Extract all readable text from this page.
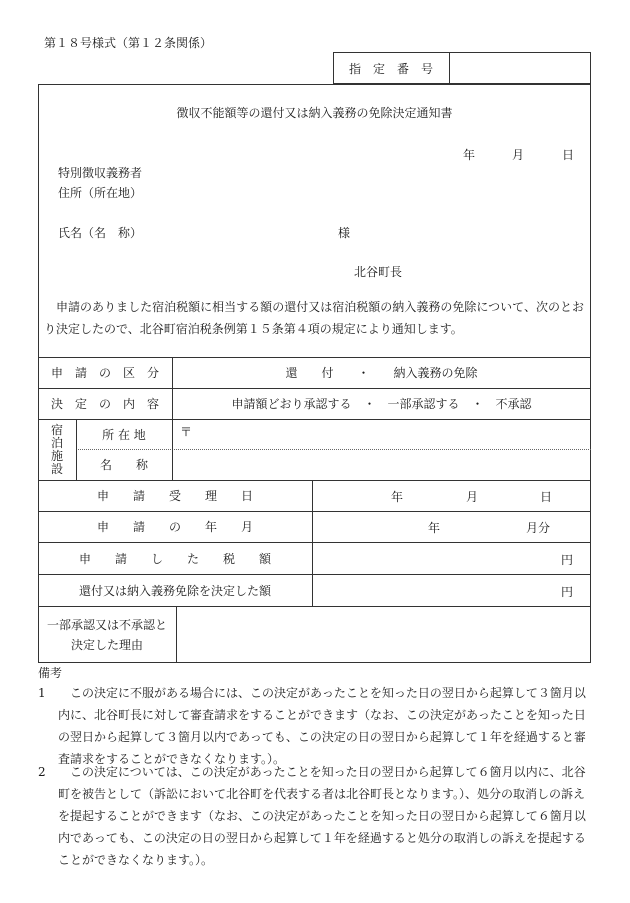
第１８号様式（第１２条関係）
指　定　番　号
徴収不能額等の還付又は納入義務の免除決定通知書
年	月	日
特別徴収義務者
住所（所在地）
氏名（名　称）	様
北谷町長
申請のありました宿泊税額に相当する額の還付又は宿泊税額の納入義務の免除について、次のとおり決定したので、北谷町宿泊税条例第１５条第４項の規定により通知します。
申　請　の　区　分	還　　付　　・　　納入義務の免除
決　定　の　内　容	申請額どおり承認する　・　一部承認する　・　不承認
宿泊施設
所 在 地	〒
名　　称
申　　請　　受　　理　　日	年	月	日
申　　請　　の　　年　　月	年	月分
申　　請　　し　　た　　税　　額	円
還付又は納入義務免除を決定した額	円
一部承認又は不承認と
決定した理由
備考
1	この決定に不服がある場合には、この決定があったことを知った日の翌日から起算して３箇月以内に、北谷町長に対して審査請求をすることができます（なお、この決定があったことを知った日の翌日から起算して３箇月以内であっても、この決定の日の翌日から起算して１年を経過すると審査請求をすることができなくなります。）。
2	この決定については、この決定があったことを知った日の翌日から起算して６箇月以内に、北谷町を被告として（訴訟において北谷町を代表する者は北谷町長となります。）、処分の取消しの訴えを提起することができます（なお、この決定があったことを知った日の翌日から起算して６箇月以内であっても、この決定の日の翌日から起算して１年を経過すると処分の取消しの訴えを提起することができなくなります。）。
